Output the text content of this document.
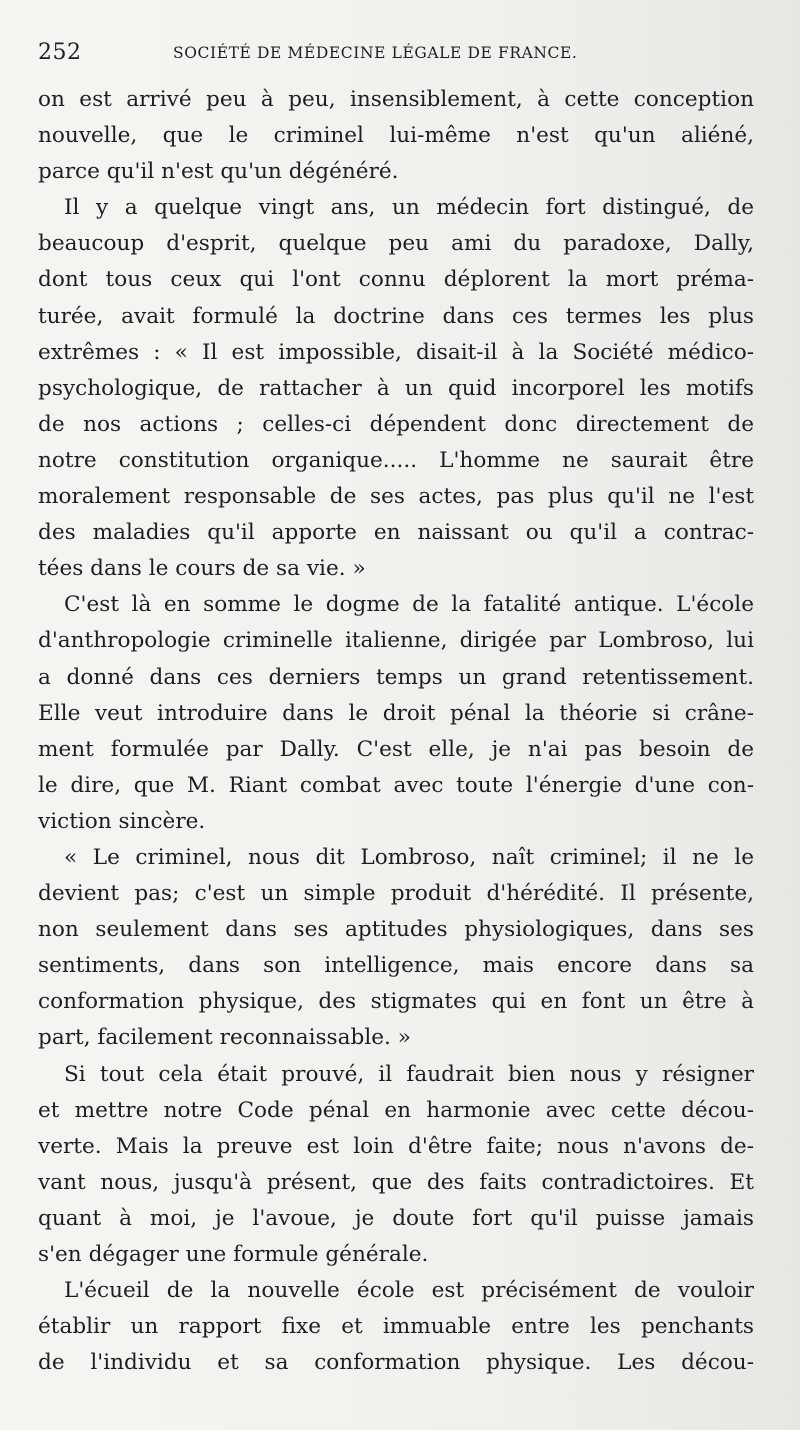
252	SOCIÉTÉ DE MÉDECINE LÉGALE DE FRANCE.
on est arrivé peu à peu, insensiblement, à cette conception
nouvelle, que le criminel lui-même n'est qu'un aliéné,
parce qu'il n'est qu'un dégénéré.
Il y a quelque vingt ans, un médecin fort distingué, de
beaucoup d'esprit, quelque peu ami du paradoxe, Dally,
dont tous ceux qui l'ont connu déplorent la mort préma-
turée, avait formulé la doctrine dans ces termes les plus
extrêmes : « Il est impossible, disait-il à la Société médico-
psychologique, de rattacher à un quid incorporel les motifs
de nos actions ; celles-ci dépendent donc directement de
notre constitution organique..... L'homme ne saurait être
moralement responsable de ses actes, pas plus qu'il ne l'est
des maladies qu'il apporte en naissant ou qu'il a contrac-
tées dans le cours de sa vie. »
C'est là en somme le dogme de la fatalité antique. L'école
d'anthropologie criminelle italienne, dirigée par Lombroso, lui
a donné dans ces derniers temps un grand retentissement.
Elle veut introduire dans le droit pénal la théorie si crâne-
ment formulée par Dally. C'est elle, je n'ai pas besoin de
le dire, que M. Riant combat avec toute l'énergie d'une con-
viction sincère.
« Le criminel, nous dit Lombroso, naît criminel; il ne le
devient pas; c'est un simple produit d'hérédité. Il présente,
non seulement dans ses aptitudes physiologiques, dans ses
sentiments, dans son intelligence, mais encore dans sa
conformation physique, des stigmates qui en font un être à
part, facilement reconnaissable. »
Si tout cela était prouvé, il faudrait bien nous y résigner
et mettre notre Code pénal en harmonie avec cette décou-
verte. Mais la preuve est loin d'être faite; nous n'avons de-
vant nous, jusqu'à présent, que des faits contradictoires. Et
quant à moi, je l'avoue, je doute fort qu'il puisse jamais
s'en dégager une formule générale.
L'écueil de la nouvelle école est précisément de vouloir
établir un rapport fixe et immuable entre les penchants
de l'individu et sa conformation physique. Les décou-
